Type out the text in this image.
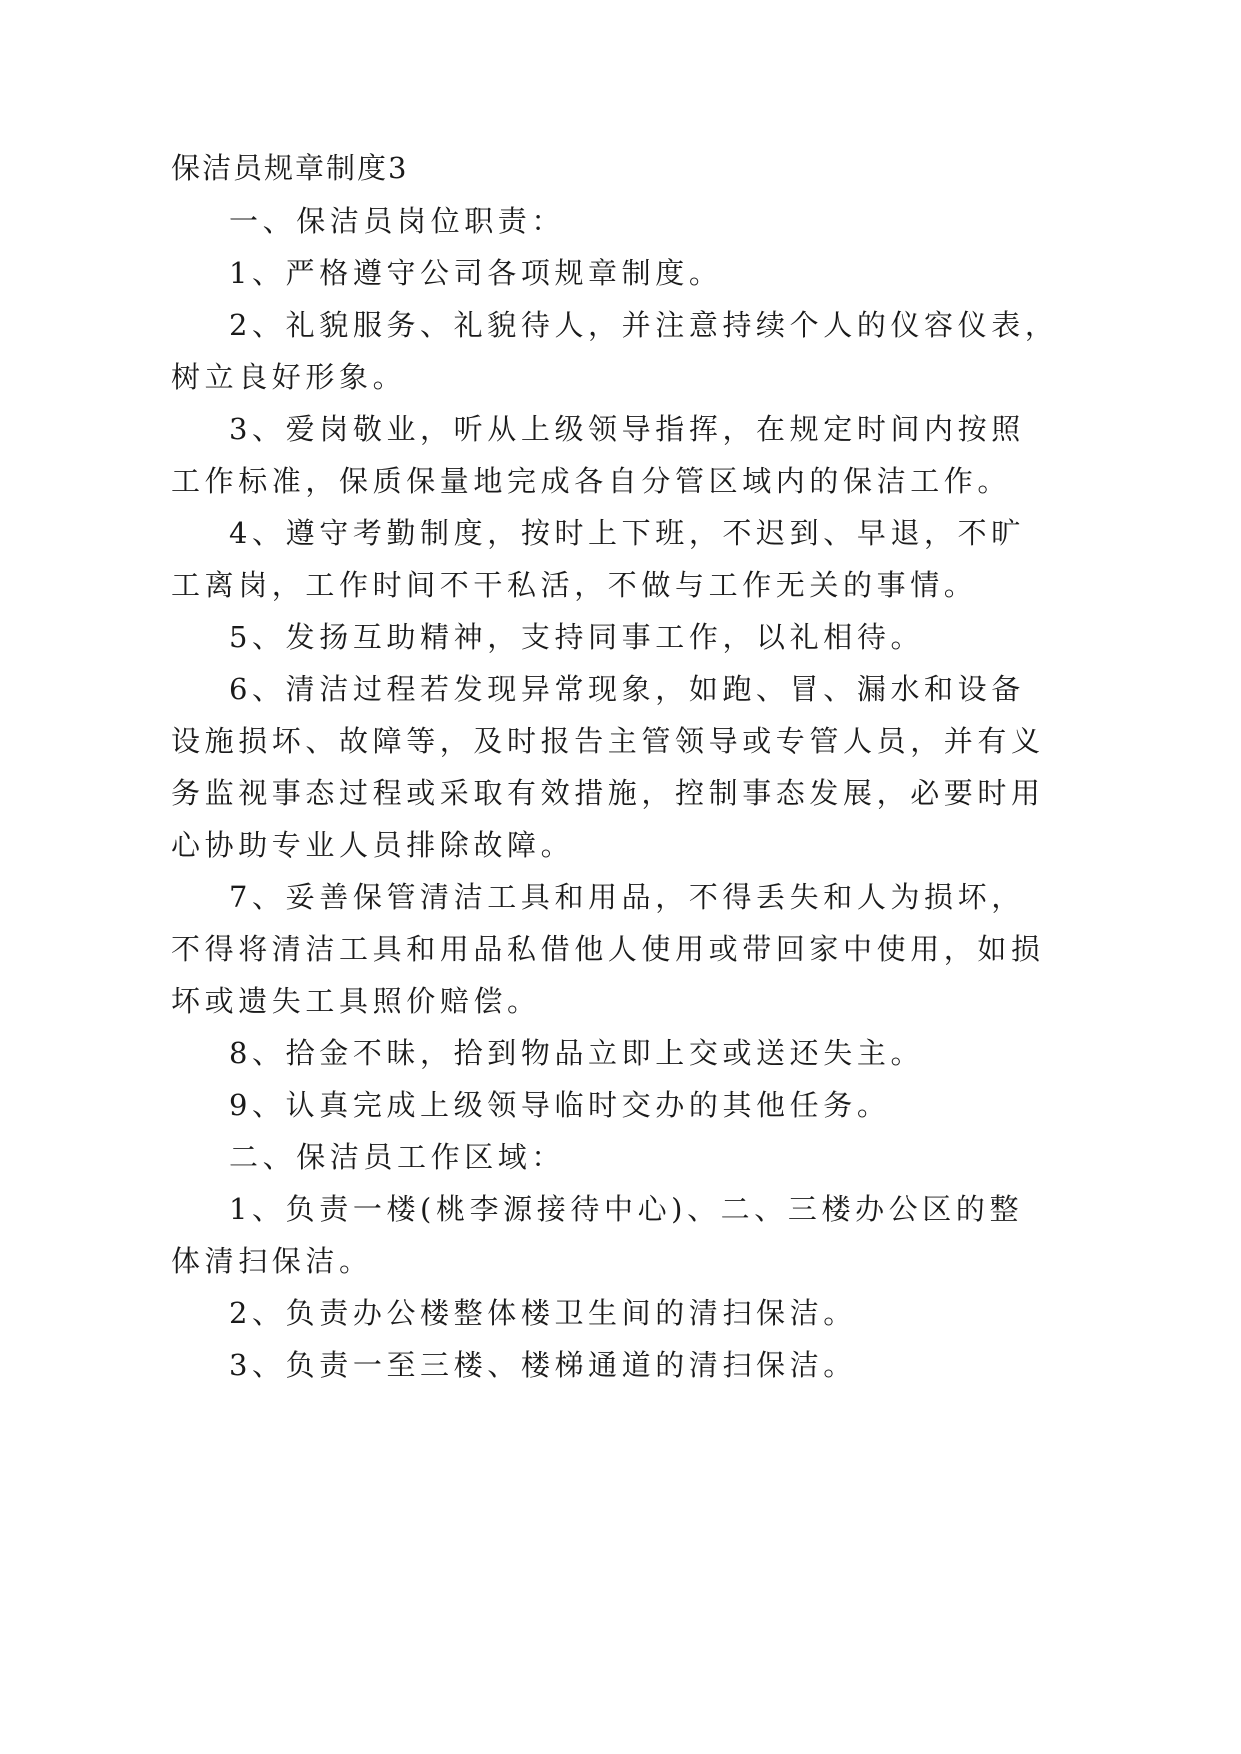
保洁员规章制度3
一、保洁员岗位职责：
1、严格遵守公司各项规章制度。
2、礼貌服务、礼貌待人，并注意持续个人的仪容仪表，
树立良好形象。
3、爱岗敬业，听从上级领导指挥，在规定时间内按照
工作标准，保质保量地完成各自分管区域内的保洁工作。
4、遵守考勤制度，按时上下班，不迟到、早退，不旷
工离岗，工作时间不干私活，不做与工作无关的事情。
5、发扬互助精神，支持同事工作，以礼相待。
6、清洁过程若发现异常现象，如跑、冒、漏水和设备
设施损坏、故障等，及时报告主管领导或专管人员，并有义
务监视事态过程或采取有效措施，控制事态发展，必要时用
心协助专业人员排除故障。
7、妥善保管清洁工具和用品，不得丢失和人为损坏，
不得将清洁工具和用品私借他人使用或带回家中使用，如损
坏或遗失工具照价赔偿。
8、拾金不昧，拾到物品立即上交或送还失主。
9、认真完成上级领导临时交办的其他任务。
二、保洁员工作区域：
1、负责一楼(桃李源接待中心)、二、三楼办公区的整
体清扫保洁。
2、负责办公楼整体楼卫生间的清扫保洁。
3、负责一至三楼、楼梯通道的清扫保洁。
